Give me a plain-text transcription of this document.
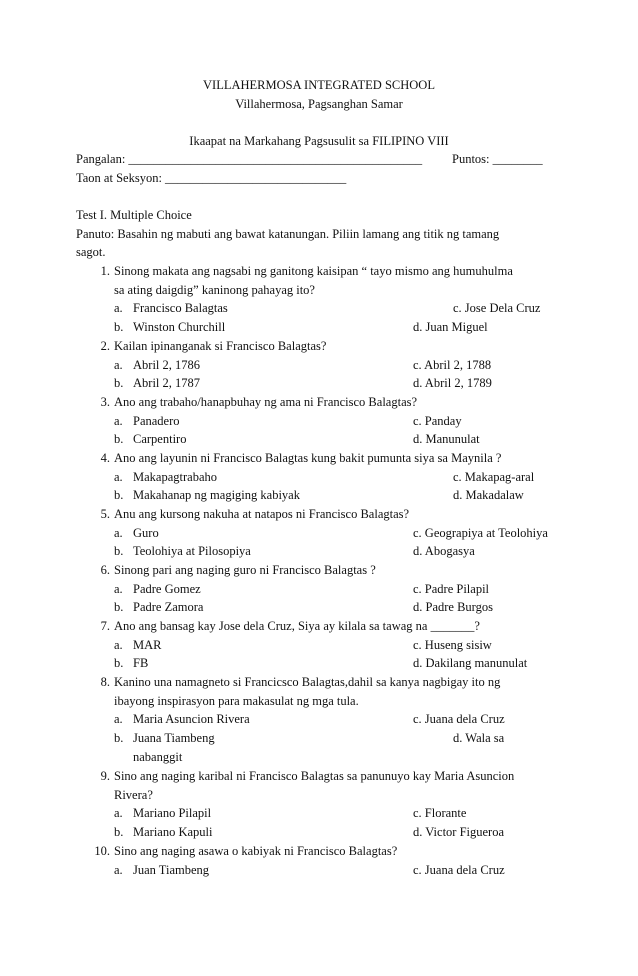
VILLAHERMOSA INTEGRATED SCHOOL
Villahermosa, Pagsanghan Samar
Ikaapat na Markahang Pagsusulit sa FILIPINO VIII
Pangalan: _______________________________________________ Puntos: ________
Taon at Seksyon: _____________________________
Test I. Multiple Choice
Panuto: Basahin ng mabuti ang bawat katanungan. Piliin lamang ang titik ng tamang
sagot.
1. Sinong makata ang nagsabi ng ganitong kaisipan “ tayo mismo ang humuhulma
sa ating daigdig” kaninong pahayag ito?
a. Francisco Balagtas	c. Jose Dela Cruz
b. Winston Churchill	d. Juan Miguel
2. Kailan ipinanganak si Francisco Balagtas?
a. Abril 2, 1786	c. Abril 2, 1788
b. Abril 2, 1787	d. Abril 2, 1789
3. Ano ang trabaho/hanapbuhay ng ama ni Francisco Balagtas?
a. Panadero	c. Panday
b. Carpentiro	d. Manunulat
4. Ano ang layunin ni Francisco Balagtas kung bakit pumunta siya sa Maynila ?
a. Makapagtrabaho	c. Makapag-aral
b. Makahanap ng magiging kabiyak	d. Makadalaw
5. Anu ang kursong nakuha at natapos ni Francisco Balagtas?
a. Guro	c. Geograpiya at Teolohiya
b. Teolohiya at Pilosopiya	d. Abogasya
6. Sinong pari ang naging guro ni Francisco Balagtas ?
a. Padre Gomez	c. Padre Pilapil
b. Padre Zamora	d. Padre Burgos
7. Ano ang bansag kay Jose dela Cruz, Siya ay kilala sa tawag na _______?
a. MAR	c. Huseng sisiw
b. FB	d. Dakilang manunulat
8. Kanino una namagneto si Francicsco Balagtas,dahil sa kanya nagbigay ito ng
ibayong inspirasyon para makasulat ng mga tula.
a. Maria Asuncion Rivera	c. Juana dela Cruz
b. Juana Tiambeng	d. Wala sa
nabanggit
9. Sino ang naging karibal ni Francisco Balagtas sa panunuyo kay Maria Asuncion
Rivera?
a. Mariano Pilapil	c. Florante
b. Mariano Kapuli	d. Victor Figueroa
10. Sino ang naging asawa o kabiyak ni Francisco Balagtas?
a. Juan Tiambeng	c. Juana dela Cruz
